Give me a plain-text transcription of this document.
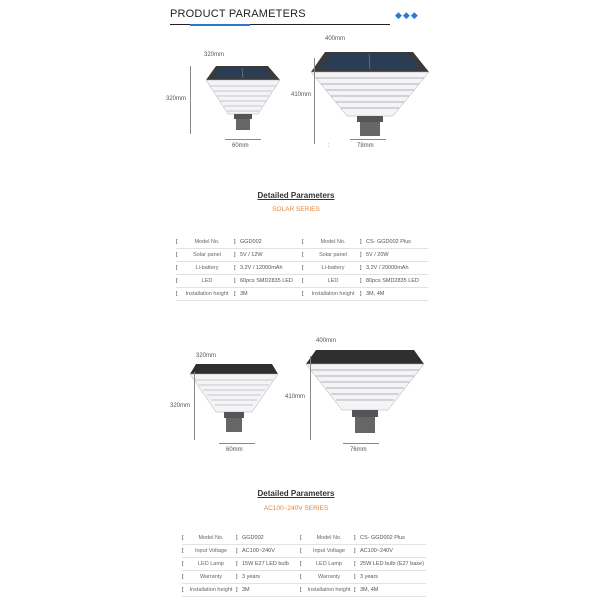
PRODUCT PARAMETERS	◆◆◆
320mm
320mm
60mm
400mm
410mm
:	78mm
Detailed Parameters
SOLAR SERIES
[	Model No.	]	GGD002	[	Model No.	]	CS- GGD002 Plus
[	Solar panel	]	5V / 12W	[	Solar panel	]	5V / 20W
[	Li-battery	]	3.2V / 12000mAh	[	Li-battery	]	3.2V / 20000mAh
[	LED	]	60pcs SMD2835 LED	[	LED	]	80pcs SMD2835 LED
[	Installation height	]	3M	[	Installation height	]	3M, 4M
320mm
320mm
60mm
400mm
410mm
76mm
Detailed Parameters
AC100~240V SERIES
[	Model No.	]	GGD002	[	Model No.	]	CS- GGD002 Plus
[	Input Voltage	]	AC100~240V	[	Input Voltage	]	AC100~240V
[	LED Lamp	]	15W E27 LED bulb	[	LED Lamp	]	25W LED bulb (E27 base)
[	Warranty	]	3 years	[	Warranty	]	3 years
[	Installation height	]	3M	[	Installation height	]	3M, 4M
